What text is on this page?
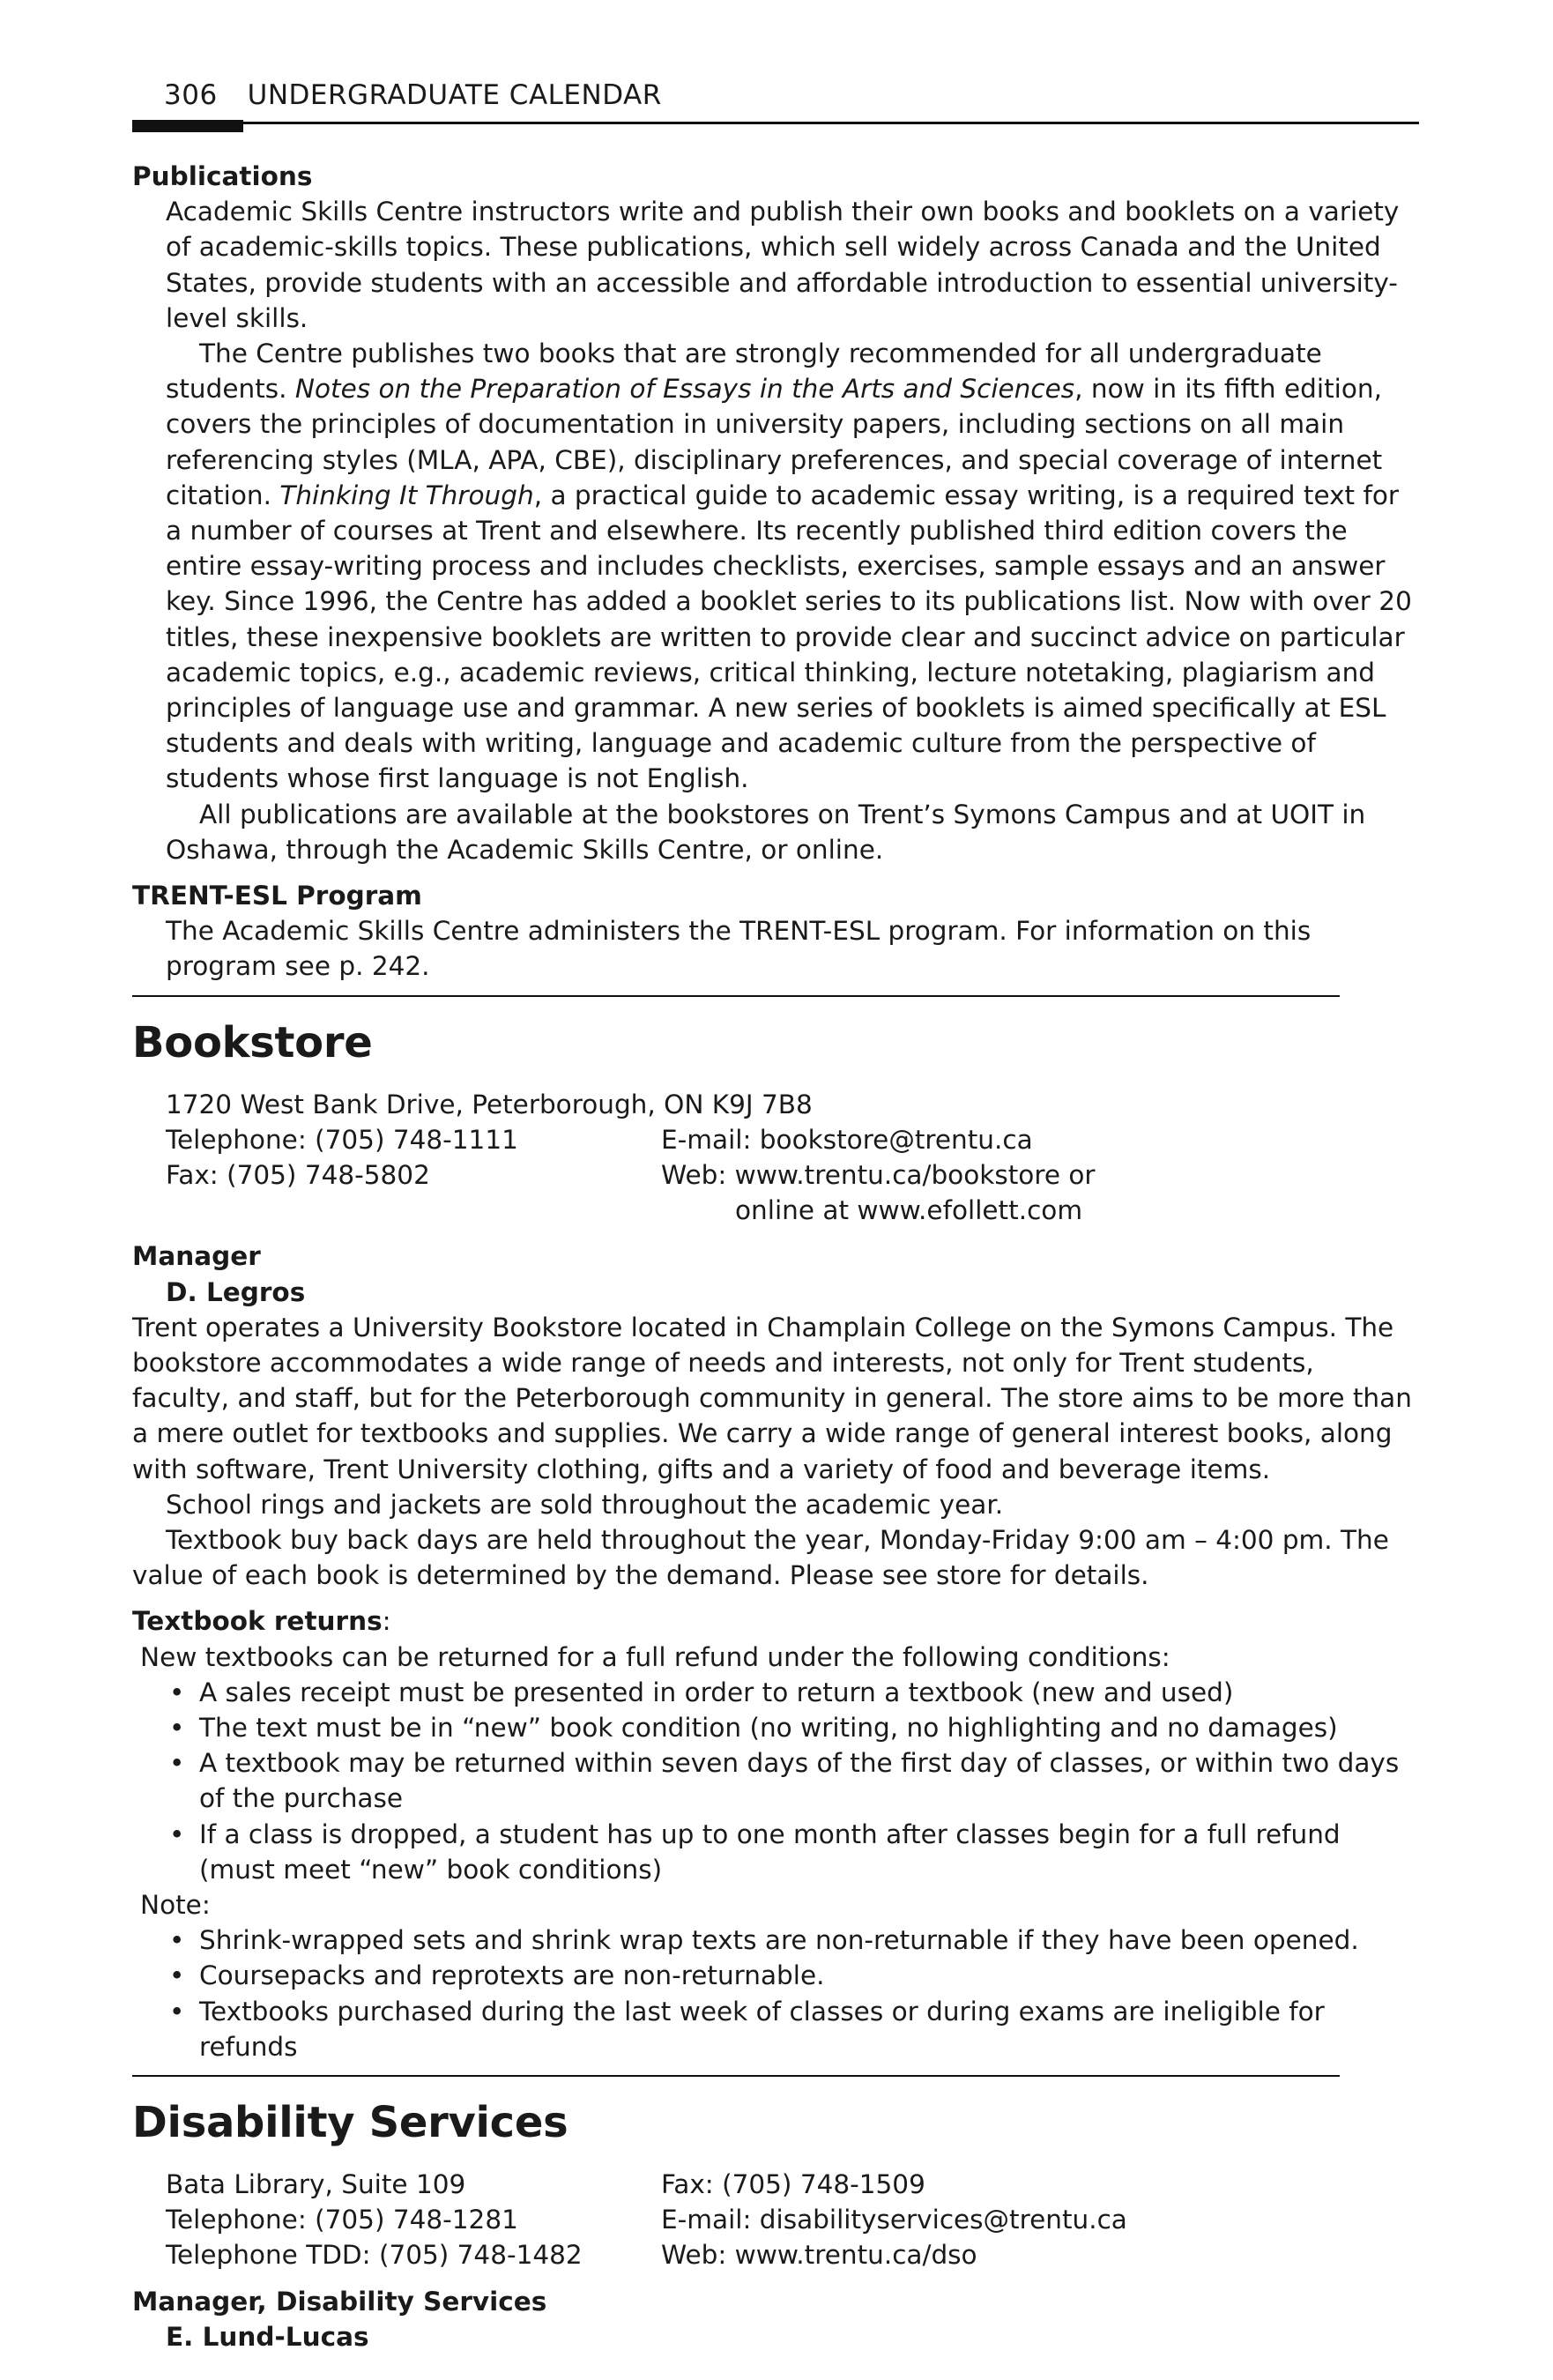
306 UNDERGRADUATE CALENDAR

Publications

Academic Skills Centre instructors write and publish their own books and booklets on a variety of academic-skills topics. These publications, which sell widely across Canada and the United States, provide students with an accessible and affordable introduction to essential university-level skills.

The Centre publishes two books that are strongly recommended for all undergraduate students. Notes on the Preparation of Essays in the Arts and Sciences, now in its fifth edition, covers the principles of documentation in university papers, including sections on all main referencing styles (MLA, APA, CBE), disciplinary preferences, and special coverage of internet citation. Thinking It Through, a practical guide to academic essay writing, is a required text for a number of courses at Trent and elsewhere. Its recently published third edition covers the entire essay-writing process and includes checklists, exercises, sample essays and an answer key. Since 1996, the Centre has added a booklet series to its publications list. Now with over 20 titles, these inexpensive booklets are written to provide clear and succinct advice on particular academic topics, e.g., academic reviews, critical thinking, lecture notetaking, plagiarism and principles of language use and grammar. A new series of booklets is aimed specifically at ESL students and deals with writing, language and academic culture from the perspective of students whose first language is not English.

All publications are available at the bookstores on Trent’s Symons Campus and at UOIT in Oshawa, through the Academic Skills Centre, or online.

TRENT-ESL Program

The Academic Skills Centre administers the TRENT-ESL program. For information on this program see p. 242.

Bookstore
1720 West Bank Drive, Peterborough, ON K9J 7B8
Telephone: (705) 748-1111	E-mail: bookstore@trentu.ca
Fax: (705) 748-5802	Web: www.trentu.ca/bookstore or
online at www.efollett.com

Manager

D. Legros

Trent operates a University Bookstore located in Champlain College on the Symons Campus. The bookstore accommodates a wide range of needs and interests, not only for Trent students, faculty, and staff, but for the Peterborough community in general. The store aims to be more than a mere outlet for textbooks and supplies. We carry a wide range of general interest books, along with software, Trent University clothing, gifts and a variety of food and beverage items.

School rings and jackets are sold throughout the academic year.

Textbook buy back days are held throughout the year, Monday-Friday 9:00 am – 4:00 pm. The value of each book is determined by the demand. Please see store for details.

Textbook returns:

New textbooks can be returned for a full refund under the following conditions:

• A sales receipt must be presented in order to return a textbook (new and used)
• The text must be in “new” book condition (no writing, no highlighting and no damages)
• A textbook may be returned within seven days of the first day of classes, or within two days of the purchase
• If a class is dropped, a student has up to one month after classes begin for a full refund (must meet “new” book conditions)

Note:

• Shrink-wrapped sets and shrink wrap texts are non-returnable if they have been opened.
• Coursepacks and reprotexts are non-returnable.
• Textbooks purchased during the last week of classes or during exams are ineligible for refunds
Disability Services
Bata Library, Suite 109	Fax: (705) 748-1509
Telephone: (705) 748-1281	E-mail: disabilityservices@trentu.ca
Telephone TDD: (705) 748-1482	Web: www.trentu.ca/dso

Manager, Disability Services

E. Lund-Lucas
